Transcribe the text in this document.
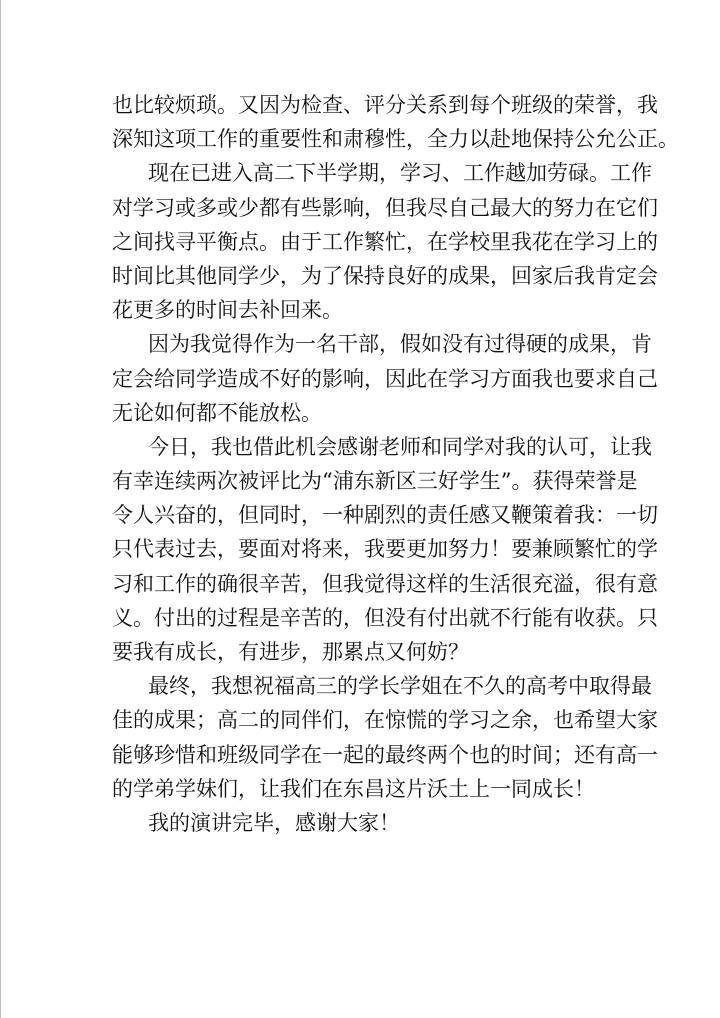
也比较烦琐。又因为检查、评分关系到每个班级的荣誉，我
深知这项工作的重要性和肃穆性，全力以赴地保持公允公正。
现在已进入高二下半学期，学习、工作越加劳碌。工作
对学习或多或少都有些影响，但我尽自己最大的努力在它们
之间找寻平衡点。由于工作繁忙，在学校里我花在学习上的
时间比其他同学少，为了保持良好的成果，回家后我肯定会
花更多的时间去补回来。
因为我觉得作为一名干部，假如没有过得硬的成果，肯
定会给同学造成不好的影响，因此在学习方面我也要求自己
无论如何都不能放松。
今日，我也借此机会感谢老师和同学对我的认可，让我
有幸连续两次被评比为“浦东新区三好学生”。获得荣誉是
令人兴奋的，但同时，一种剧烈的责任感又鞭策着我：一切
只代表过去，要面对将来，我要更加努力！要兼顾繁忙的学
习和工作的确很辛苦，但我觉得这样的生活很充溢，很有意
义。付出的过程是辛苦的，但没有付出就不行能有收获。只
要我有成长，有进步，那累点又何妨？
最终，我想祝福高三的学长学姐在不久的高考中取得最
佳的成果；高二的同伴们，在惊慌的学习之余，也希望大家
能够珍惜和班级同学在一起的最终两个也的时间；还有高一
的学弟学妹们，让我们在东昌这片沃土上一同成长！
我的演讲完毕，感谢大家！
